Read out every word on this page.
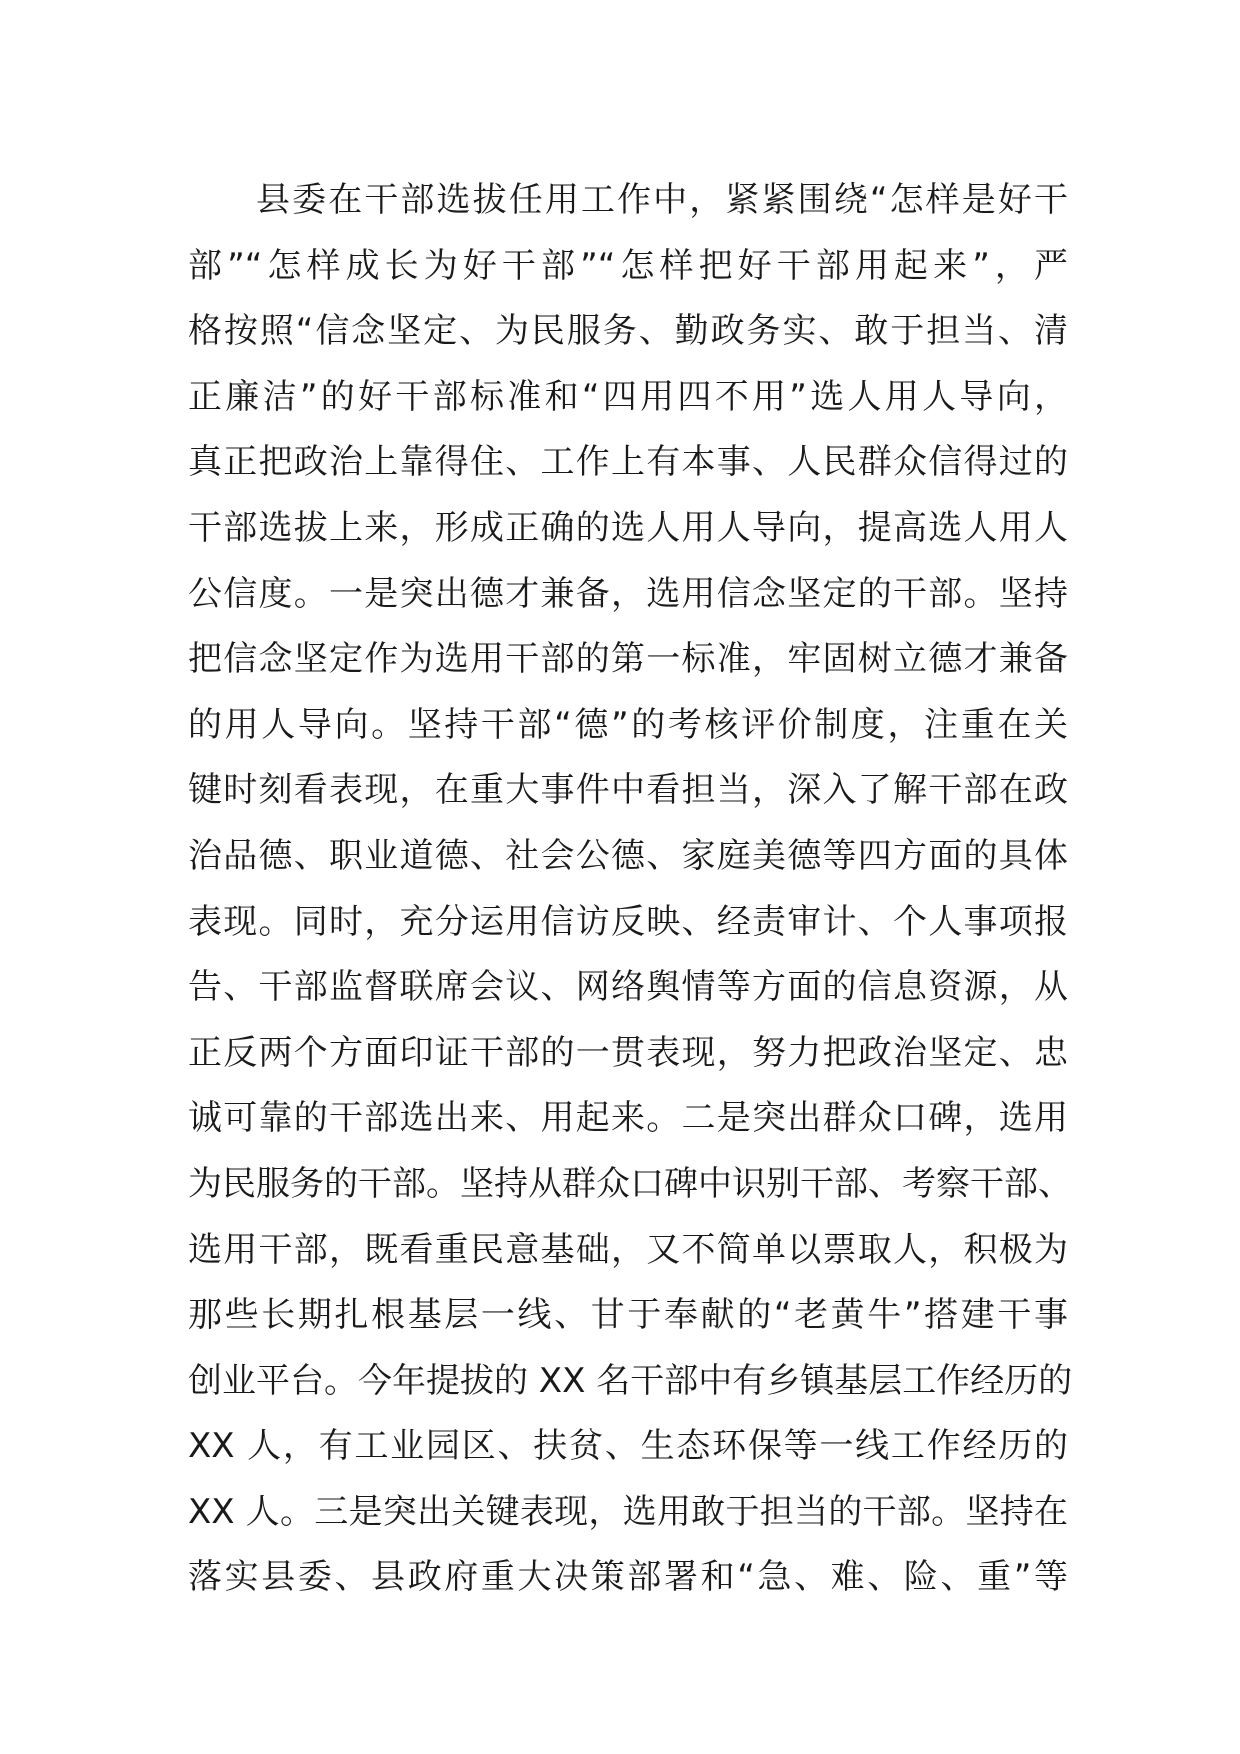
县委在干部选拔任用工作中，紧紧围绕“怎样是好干
部”“怎样成长为好干部”“怎样把好干部用起来”，严
格按照“信念坚定、为民服务、勤政务实、敢于担当、清
正廉洁”的好干部标准和“四用四不用”选人用人导向，
真正把政治上靠得住、工作上有本事、人民群众信得过的
干部选拔上来，形成正确的选人用人导向，提高选人用人
公信度。一是突出德才兼备，选用信念坚定的干部。坚持
把信念坚定作为选用干部的第一标准，牢固树立德才兼备
的用人导向。坚持干部“德”的考核评价制度，注重在关
键时刻看表现，在重大事件中看担当，深入了解干部在政
治品德、职业道德、社会公德、家庭美德等四方面的具体
表现。同时，充分运用信访反映、经责审计、个人事项报
告、干部监督联席会议、网络舆情等方面的信息资源，从
正反两个方面印证干部的一贯表现，努力把政治坚定、忠
诚可靠的干部选出来、用起来。二是突出群众口碑，选用
为民服务的干部。坚持从群众口碑中识别干部、考察干部、
选用干部，既看重民意基础，又不简单以票取人，积极为
那些长期扎根基层一线、甘于奉献的“老黄牛”搭建干事
创业平台。今年提拔的 XX 名干部中有乡镇基层工作经历的
XX 人，有工业园区、扶贫、生态环保等一线工作经历的
XX 人。三是突出关键表现，选用敢于担当的干部。坚持在
落实县委、县政府重大决策部署和“急、难、险、重”等
